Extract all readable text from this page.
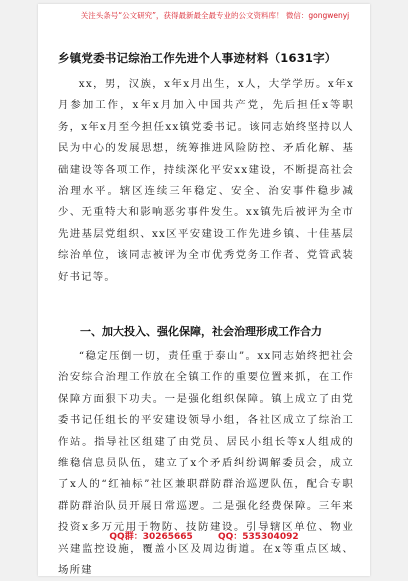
关注头条号“公文研究”，获得最新最全最专业的公文资料库！ 微信：gongwenyj
乡镇党委书记综治工作先进个人事迹材料（1631字）

xx，男，汉族，x年x月出生，x人，大学学历。x年x月参加工作，x年x月加入中国共产党，先后担任x等职务，x年x月至今担任xx镇党委书记。该同志始终坚持以人民为中心的发展思想，统筹推进风险防控、矛盾化解、基础建设等各项工作，持续深化平安xx建设，不断提高社会治理水平。辖区连续三年稳定、安全、治安事件稳步减少、无重特大和影响恶劣事件发生。xx镇先后被评为全市先进基层党组织、xx区平安建设工作先进乡镇、十佳基层综治单位，该同志被评为全市优秀党务工作者、党管武装好书记等。

一、加大投入、强化保障，社会治理形成工作合力

“稳定压倒一切，责任重于泰山”。xx同志始终把社会治安综合治理工作放在全镇工作的重要位置来抓，在工作保障方面狠下功夫。一是强化组织保障。镇上成立了由党委书记任组长的平安建设领导小组，各社区成立了综治工作站。指导社区组建了由党员、居民小组长等x人组成的维稳信息员队伍，建立了x个矛盾纠纷调解委员会，成立了x人的“红袖标”社区兼职群防群治巡逻队伍，配合专职群防群治队员开展日常巡逻。二是强化经费保障。三年来投资x多万元用于物防、技防建设。引导辖区单位、物业兴建监控设施，覆盖小区及周边街道。在x等重点区域、场所建

QQ群：30265665	QQ：535304092
